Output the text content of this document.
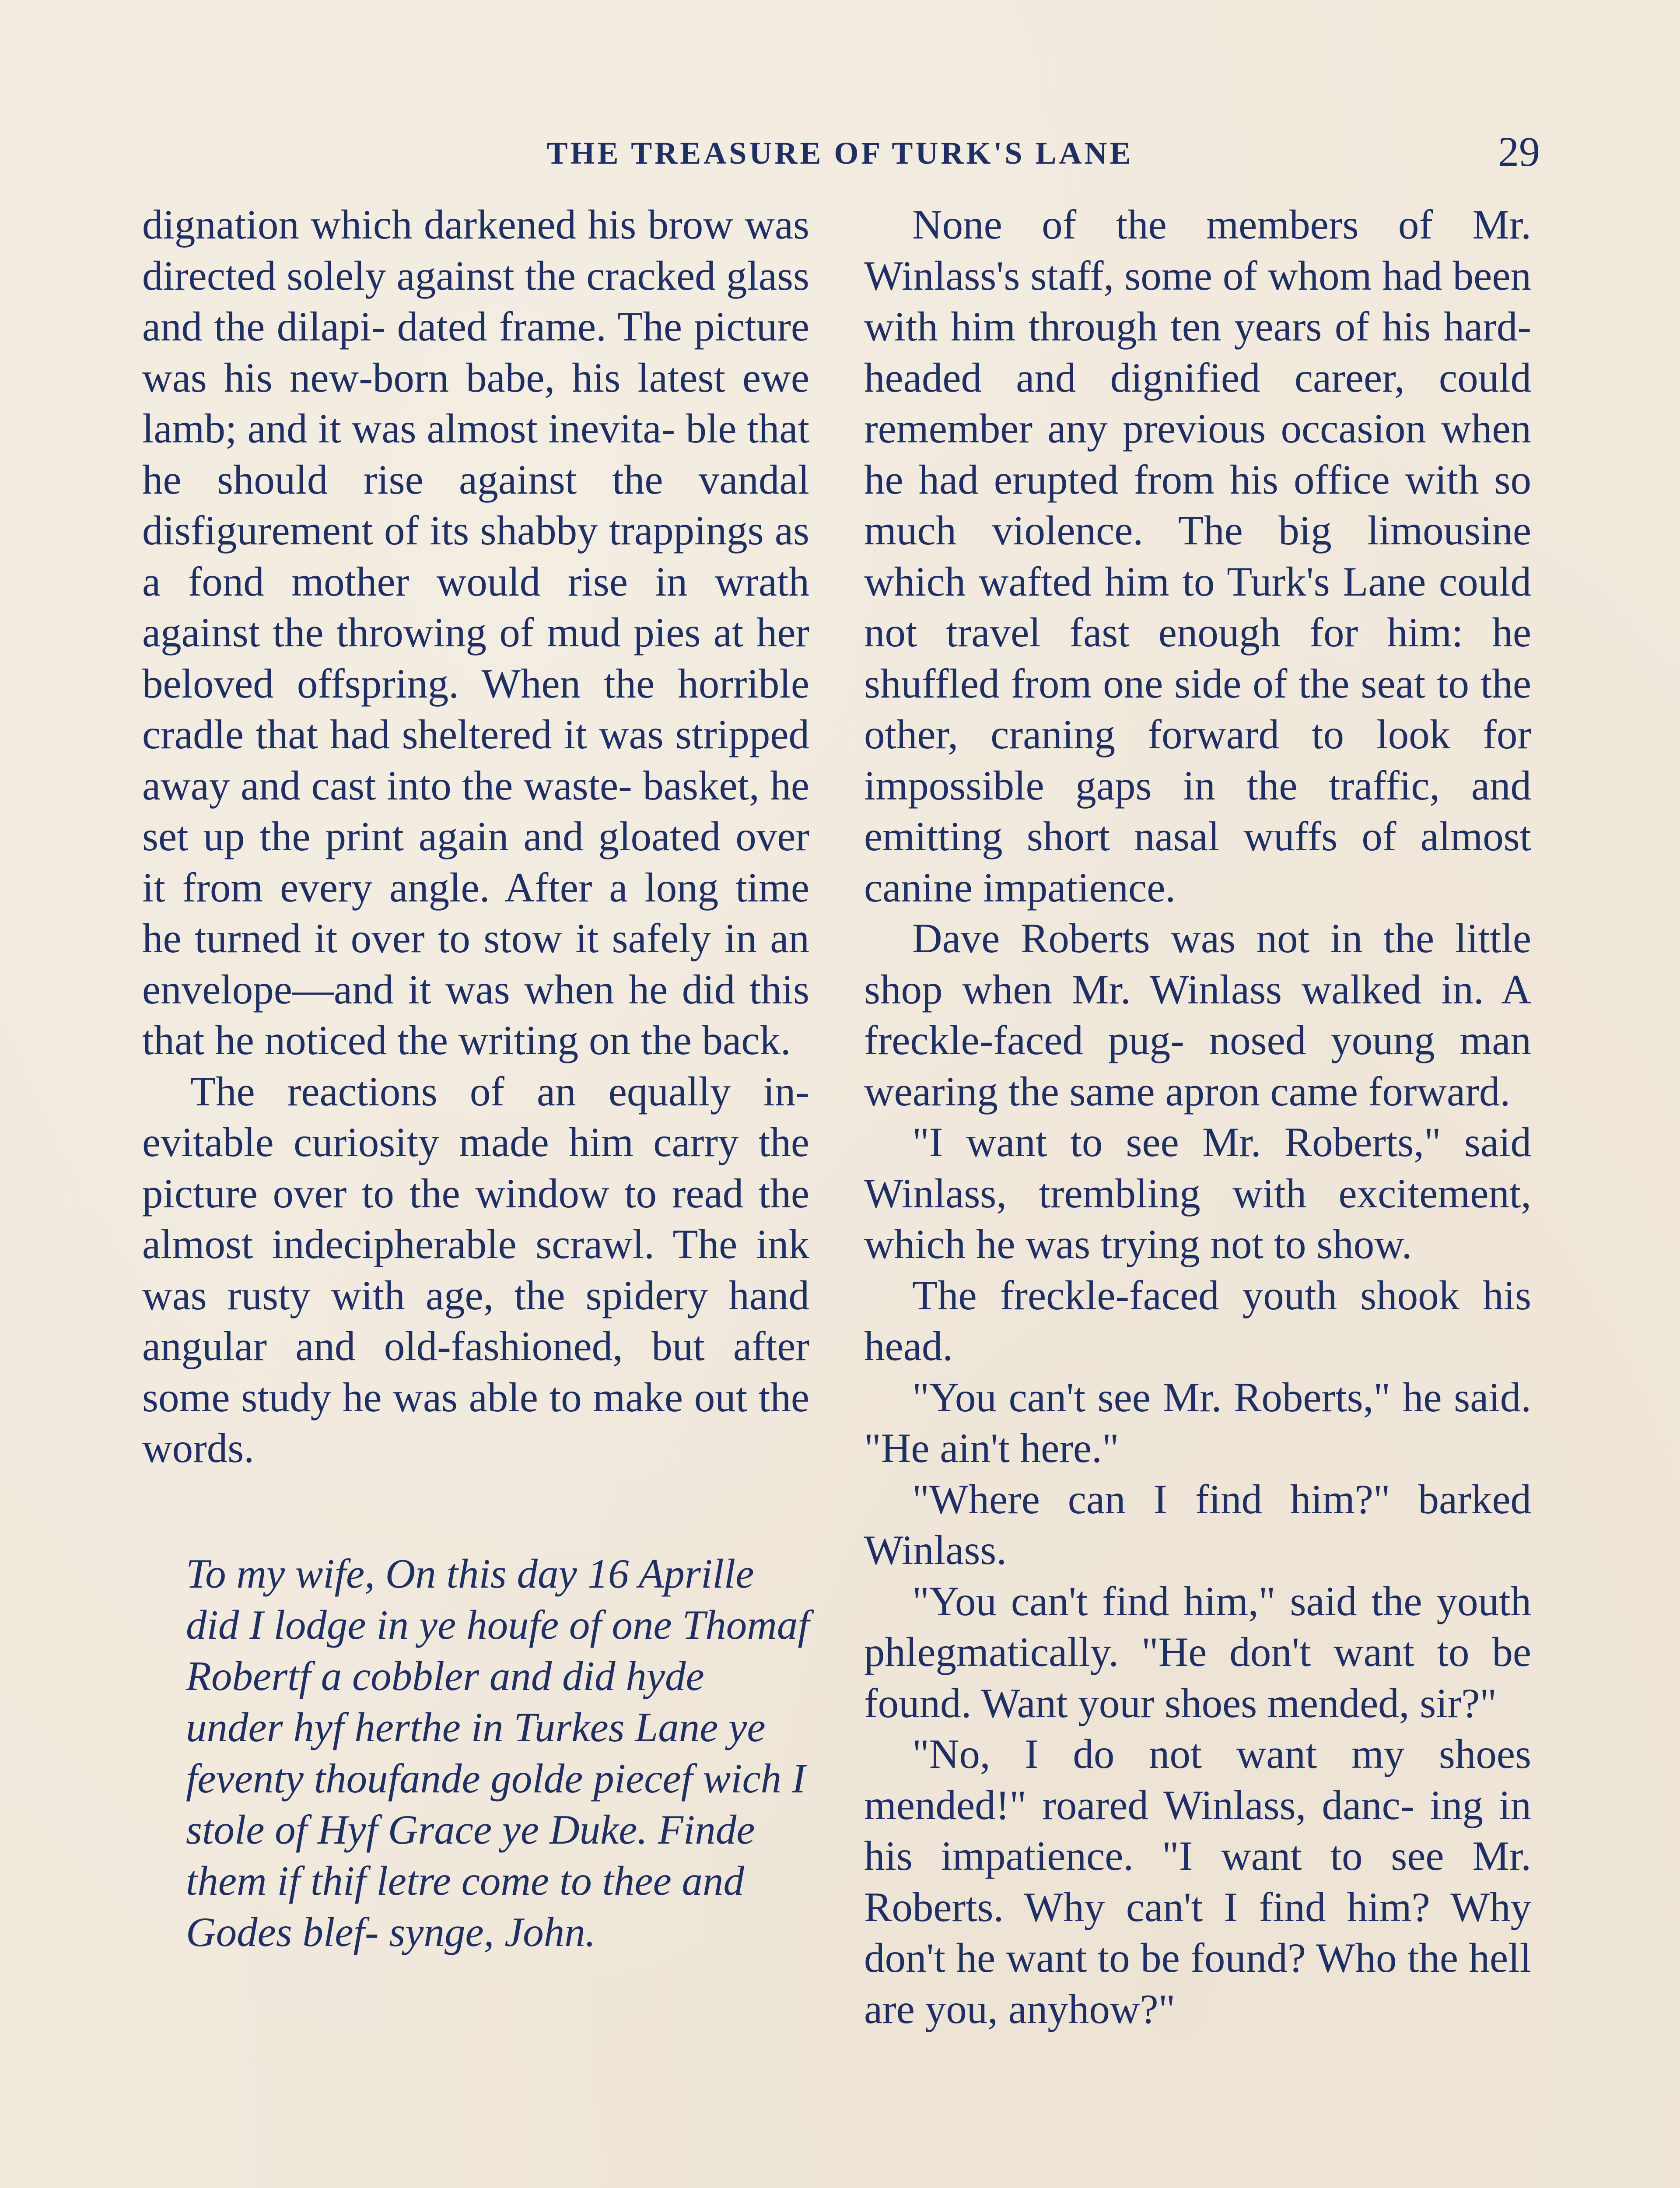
THE TREASURE OF TURK'S LANE	29

dignation which darkened his brow was directed solely against the cracked glass and the dilapi- dated frame. The picture was his new-born babe, his latest ewe lamb; and it was almost inevita- ble that he should rise against the vandal disfigurement of its shabby trappings as a fond mother would rise in wrath against the throwing of mud pies at her beloved offspring. When the horrible cradle that had sheltered it was stripped away and cast into the waste- basket, he set up the print again and gloated over it from every angle. After a long time he turned it over to stow it safely in an envelope—and it was when he did this that he noticed the writing on the back.

The reactions of an equally in- evitable curiosity made him carry the picture over to the window to read the almost indecipherable scrawl. The ink was rusty with age, the spidery hand angular and old-fashioned, but after some study he was able to make out the words.

To my wife, On this day 16 Aprille did I lodge in ye houfe of one Thomaf Robertf a cobbler and did hyde under hyf herthe in Turkes Lane ye feventy thoufande golde piecef wich I stole of Hyf Grace ye Duke. Finde them if thif letre come to thee and Godes blef- synge, John.

None of the members of Mr. Winlass's staff, some of whom had been with him through ten years of his hard-headed and dignified career, could remember any previous occasion when he had erupted from his office with so much violence. The big limousine which wafted him to Turk's Lane could not travel fast enough for him: he shuffled from one side of the seat to the other, craning forward to look for impossible gaps in the traffic, and emitting short nasal wuffs of almost canine impatience.

Dave Roberts was not in the little shop when Mr. Winlass walked in. A freckle-faced pug- nosed young man wearing the same apron came forward.

"I want to see Mr. Roberts," said Winlass, trembling with excitement, which he was trying not to show.

The freckle-faced youth shook his head.

"You can't see Mr. Roberts," he said. "He ain't here."

"Where can I find him?" barked Winlass.

"You can't find him," said the youth phlegmatically. "He don't want to be found. Want your shoes mended, sir?"

"No, I do not want my shoes mended!" roared Winlass, danc- ing in his impatience. "I want to see Mr. Roberts. Why can't I find him? Why don't he want to be found? Who the hell are you, anyhow?"
